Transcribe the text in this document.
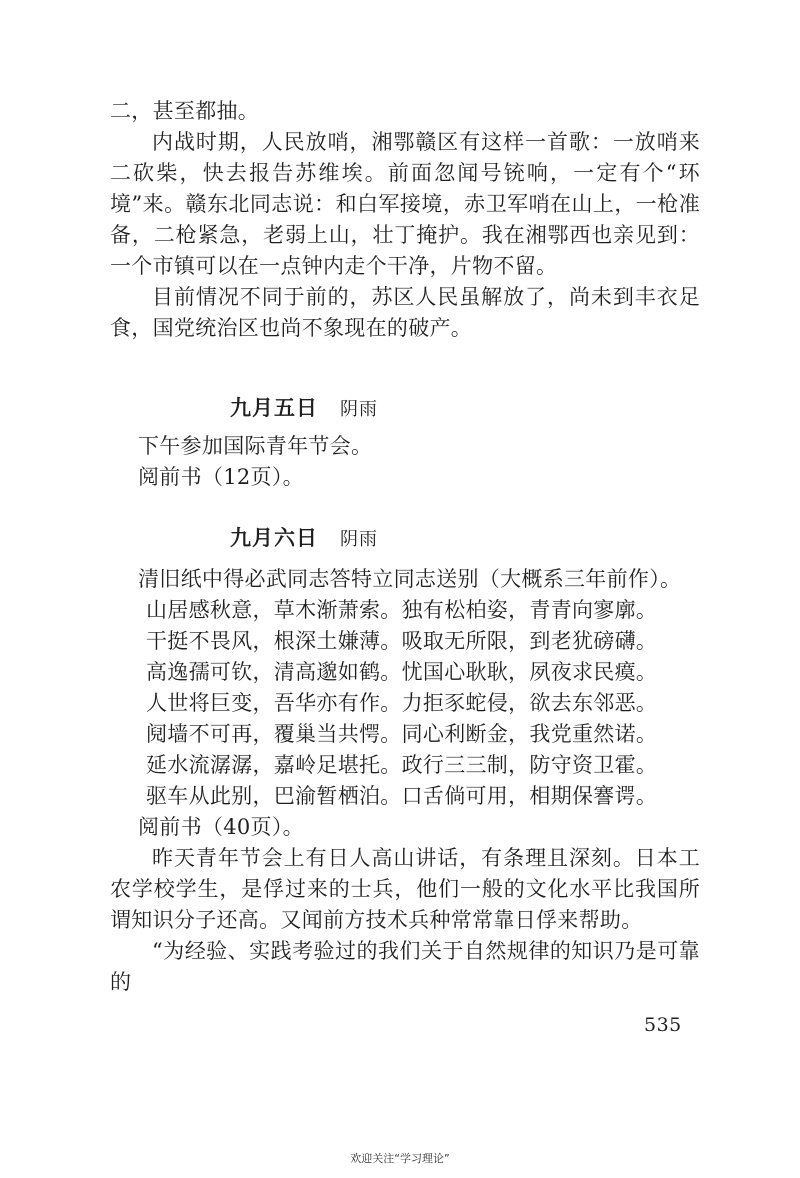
二，甚至都抽。

内战时期，人民放哨，湘鄂赣区有这样一首歌：一放哨来二砍柴，快去报告苏维埃。前面忽闻号铳响，一定有个“环境”来。赣东北同志说：和白军接境，赤卫军哨在山上，一枪准备，二枪紧急，老弱上山，壮丁掩护。我在湘鄂西也亲见到：一个市镇可以在一点钟内走个干净，片物不留。

目前情况不同于前的，苏区人民虽解放了，尚未到丰衣足食，国党统治区也尚不象现在的破产。

九月五日 阴雨

下午参加国际青年节会。

阅前书（12页）。

九月六日 阴雨

清旧纸中得必武同志答特立同志送别（大概系三年前作）。

山居感秋意，草木渐萧索。独有松柏姿，青青向寥廓。

干挺不畏风，根深土嫌薄。吸取无所限，到老犹磅礴。

高逸孺可钦，清高邈如鹤。忧国心耿耿，夙夜求民瘼。

人世将巨变，吾华亦有作。力拒豕蛇侵，欲去东邻恶。

阋墙不可再，覆巢当共愕。同心利断金，我党重然诺。

延水流潺潺，嘉岭足堪托。政行三三制，防守资卫霍。

驱车从此别，巴渝暂栖泊。口舌倘可用，相期保謇谔。

阅前书（40页）。

昨天青年节会上有日人高山讲话，有条理且深刻。日本工农学校学生，是俘过来的士兵，他们一般的文化水平比我国所谓知识分子还高。又闻前方技术兵种常常靠日俘来帮助。

“为经验、实践考验过的我们关于自然规律的知识乃是可靠的

535
欢迎关注“学习理论”
